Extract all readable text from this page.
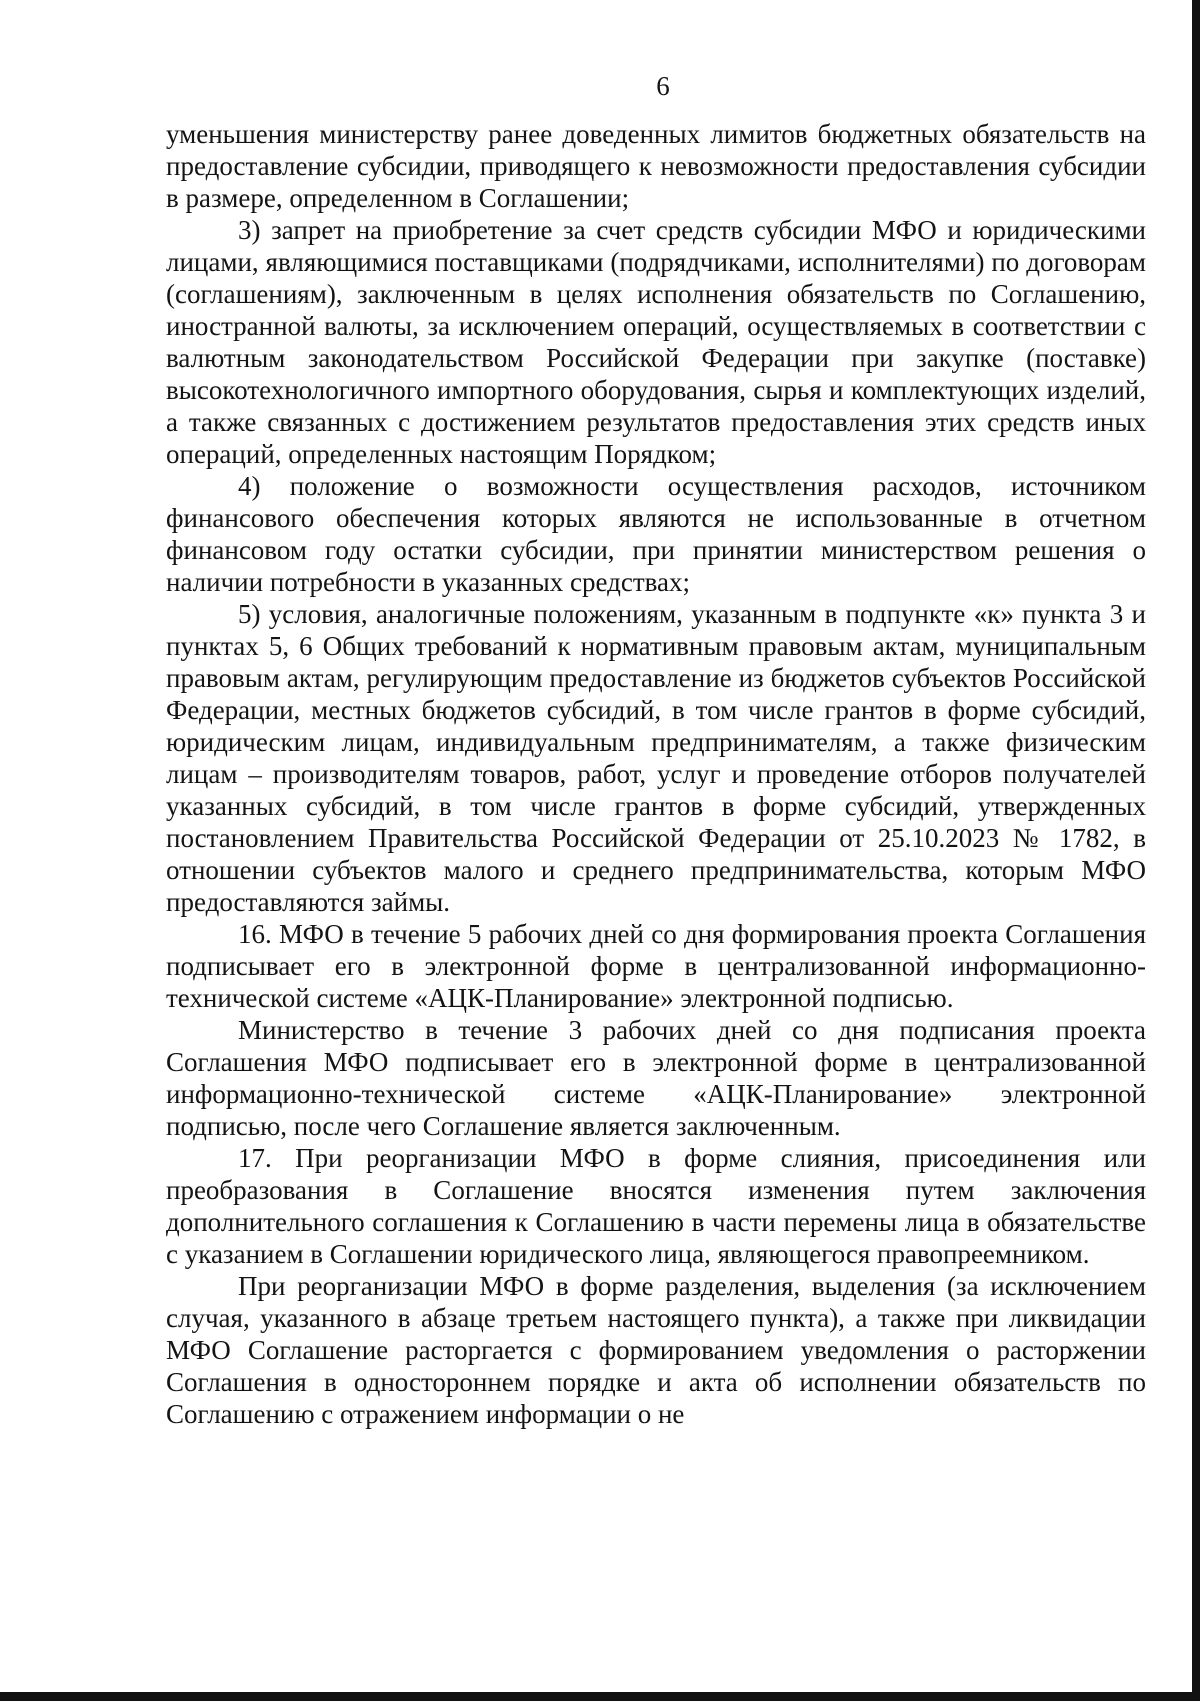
6

уменьшения министерству ранее доведенных лимитов бюджетных обязательств на предоставление субсидии, приводящего к невозможности предоставления субсидии в размере, определенном в Соглашении;

3) запрет на приобретение за счет средств субсидии МФО и юридическими лицами, являющимися поставщиками (подрядчиками, исполнителями) по договорам (соглашениям), заключенным в целях исполнения обязательств по Соглашению, иностранной валюты, за исключением операций, осуществляемых в соответствии с валютным законодательством Российской Федерации при закупке (поставке) высокотехнологичного импортного оборудования, сырья и комплектующих изделий, а также связанных с достижением результатов предоставления этих средств иных операций, определенных настоящим Порядком;

4) положение о возможности осуществления расходов, источником финансового обеспечения которых являются не использованные в отчетном финансовом году остатки субсидии, при принятии министерством решения о наличии потребности в указанных средствах;

5) условия, аналогичные положениям, указанным в подпункте «к» пункта 3 и пунктах 5, 6 Общих требований к нормативным правовым актам, муниципальным правовым актам, регулирующим предоставление из бюджетов субъектов Российской Федерации, местных бюджетов субсидий, в том числе грантов в форме субсидий, юридическим лицам, индивидуальным предпринимателям, а также физическим лицам – производителям товаров, работ, услуг и проведение отборов получателей указанных субсидий, в том числе грантов в форме субсидий, утвержденных постановлением Правительства Российской Федерации от 25.10.2023 № 1782, в отношении субъектов малого и среднего предпринимательства, которым МФО предоставляются займы.

16. МФО в течение 5 рабочих дней со дня формирования проекта Соглашения подписывает его в электронной форме в централизованной информационно-технической системе «АЦК-Планирование» электронной подписью.

Министерство в течение 3 рабочих дней со дня подписания проекта Соглашения МФО подписывает его в электронной форме в централизованной информационно-технической системе «АЦК-Планирование» электронной подписью, после чего Соглашение является заключенным.

17. При реорганизации МФО в форме слияния, присоединения или преобразования в Соглашение вносятся изменения путем заключения дополнительного соглашения к Соглашению в части перемены лица в обязательстве с указанием в Соглашении юридического лица, являющегося правопреемником.

При реорганизации МФО в форме разделения, выделения (за исключением случая, указанного в абзаце третьем настоящего пункта), а также при ликвидации МФО Соглашение расторгается с формированием уведомления о расторжении Соглашения в одностороннем порядке и акта об исполнении обязательств по Соглашению с отражением информации о не
